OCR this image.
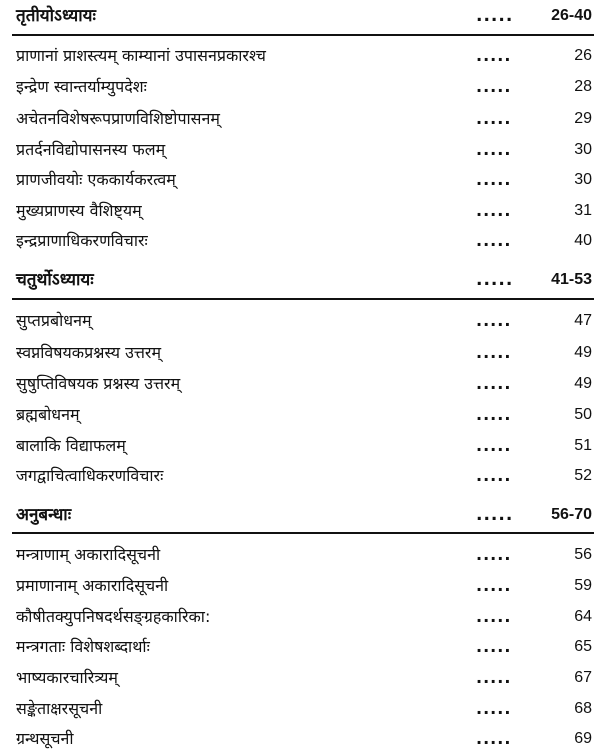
तृतीयोऽध्यायः	..... 26-40
प्राणानां प्राशस्त्यम् काम्यानां उपासनप्रकारश्च	.....	26
इन्द्रेण स्वान्तर्याम्युपदेशः	.....	28
अचेतनविशेषरूपप्राणविशिष्टोपासनम्	.....	29
प्रतर्दनविद्योपासनस्य फलम्	.....	30
प्राणजीवयोः एककार्यकरत्वम्	.....	30
मुख्यप्राणस्य वैशिष्ट्यम्	.....	31
इन्द्रप्राणाधिकरणविचारः	.....	40
चतुर्थोऽध्यायः	..... 41-53
सुप्तप्रबोधनम्	.....	47
स्वप्नविषयकप्रश्नस्य उत्तरम्	.....	49
सुषुप्तिविषयक प्रश्नस्य उत्तरम्	.....	49
ब्रह्मबोधनम्	.....	50
बालाकि विद्याफलम्	.....	51
जगद्वाचित्वाधिकरणविचारः	.....	52
अनुबन्धाः	..... 56-70
मन्त्राणाम् अकारादिसूचनी	.....	56
प्रमाणानाम् अकारादिसूचनी	.....	59
कौषीतक्युपनिषदर्थसङ्ग्रहकारिका:	.....	64
मन्त्रगताः विशेषशब्दार्थाः	.....	65
भाष्यकारचारित्र्यम्	.....	67
सङ्केताक्षरसूचनी	.....	68
ग्रन्थसूचनी	.....	69
